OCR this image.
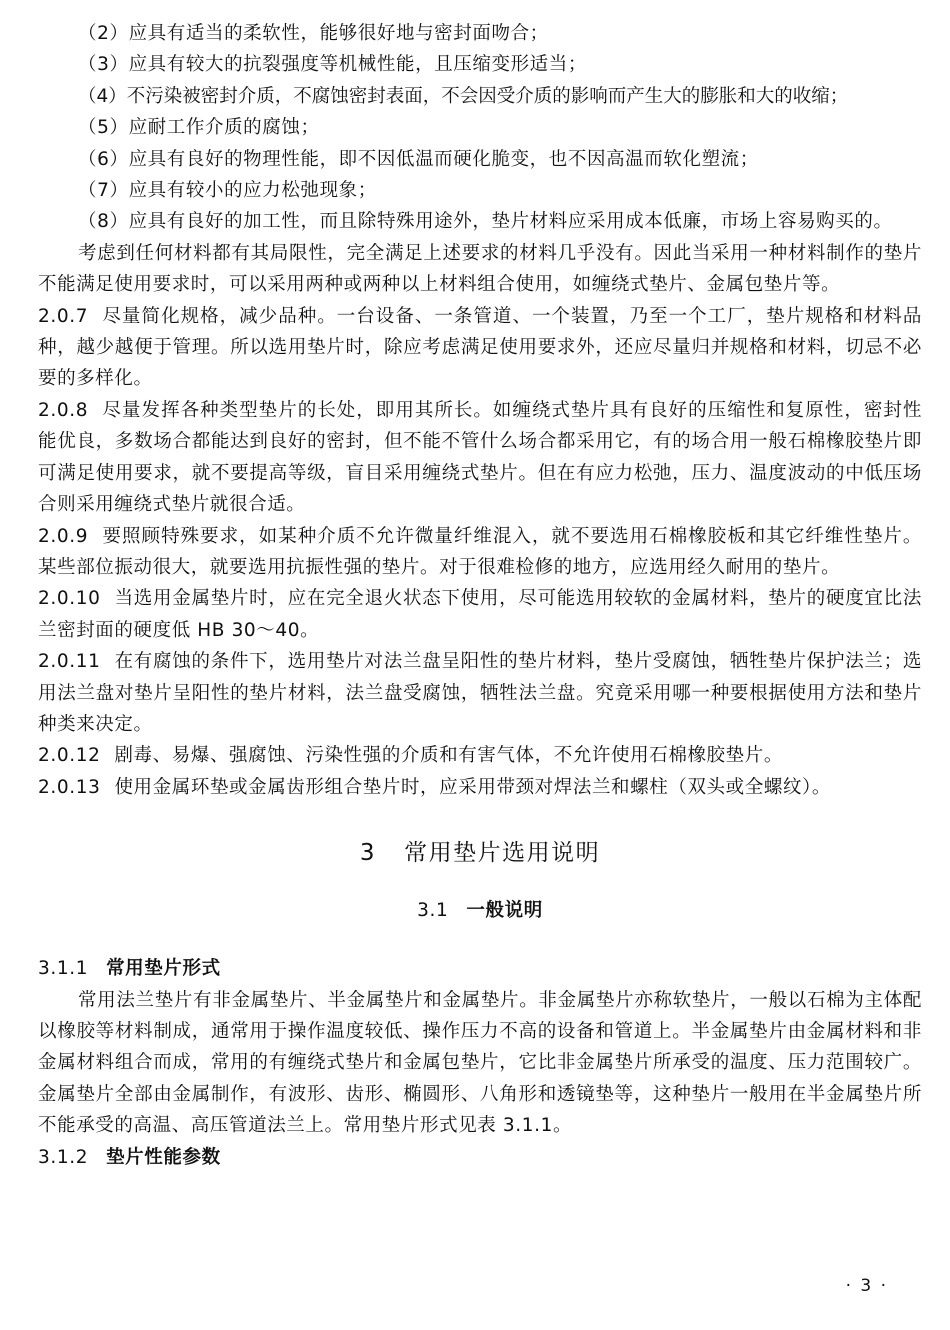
（2）应具有适当的柔软性，能够很好地与密封面吻合；

（3）应具有较大的抗裂强度等机械性能，且压缩变形适当；

（4）不污染被密封介质，不腐蚀密封表面，不会因受介质的影响而产生大的膨胀和大的收缩；

（5）应耐工作介质的腐蚀；

（6）应具有良好的物理性能，即不因低温而硬化脆变，也不因高温而软化塑流；

（7）应具有较小的应力松弛现象；

（8）应具有良好的加工性，而且除特殊用途外，垫片材料应采用成本低廉，市场上容易购买的。

考虑到任何材料都有其局限性，完全满足上述要求的材料几乎没有。因此当采用一种材料制作的垫片不能满足使用要求时，可以采用两种或两种以上材料组合使用，如缠绕式垫片、金属包垫片等。

2.0.7 尽量简化规格，减少品种。一台设备、一条管道、一个装置，乃至一个工厂，垫片规格和材料品种，越少越便于管理。所以选用垫片时，除应考虑满足使用要求外，还应尽量归并规格和材料，切忌不必要的多样化。

2.0.8 尽量发挥各种类型垫片的长处，即用其所长。如缠绕式垫片具有良好的压缩性和复原性，密封性能优良，多数场合都能达到良好的密封，但不能不管什么场合都采用它，有的场合用一般石棉橡胶垫片即可满足使用要求，就不要提高等级，盲目采用缠绕式垫片。但在有应力松弛，压力、温度波动的中低压场合则采用缠绕式垫片就很合适。

2.0.9 要照顾特殊要求，如某种介质不允许微量纤维混入，就不要选用石棉橡胶板和其它纤维性垫片。某些部位振动很大，就要选用抗振性强的垫片。对于很难检修的地方，应选用经久耐用的垫片。

2.0.10 当选用金属垫片时，应在完全退火状态下使用，尽可能选用较软的金属材料，垫片的硬度宜比法兰密封面的硬度低 HB 30～40。

2.0.11 在有腐蚀的条件下，选用垫片对法兰盘呈阳性的垫片材料，垫片受腐蚀，牺牲垫片保护法兰；选用法兰盘对垫片呈阳性的垫片材料，法兰盘受腐蚀，牺牲法兰盘。究竟采用哪一种要根据使用方法和垫片种类来决定。

2.0.12 剧毒、易爆、强腐蚀、污染性强的介质和有害气体，不允许使用石棉橡胶垫片。

2.0.13 使用金属环垫或金属齿形组合垫片时，应采用带颈对焊法兰和螺柱（双头或全螺纹）。

3 常用垫片选用说明
3.1 一般说明
3.1.1 常用垫片形式

常用法兰垫片有非金属垫片、半金属垫片和金属垫片。非金属垫片亦称软垫片，一般以石棉为主体配以橡胶等材料制成，通常用于操作温度较低、操作压力不高的设备和管道上。半金属垫片由金属材料和非金属材料组合而成，常用的有缠绕式垫片和金属包垫片，它比非金属垫片所承受的温度、压力范围较广。金属垫片全部由金属制作，有波形、齿形、椭圆形、八角形和透镜垫等，这种垫片一般用在半金属垫片所不能承受的高温、高压管道法兰上。常用垫片形式见表 3.1.1。

3.1.2 垫片性能参数
· 3 ·
